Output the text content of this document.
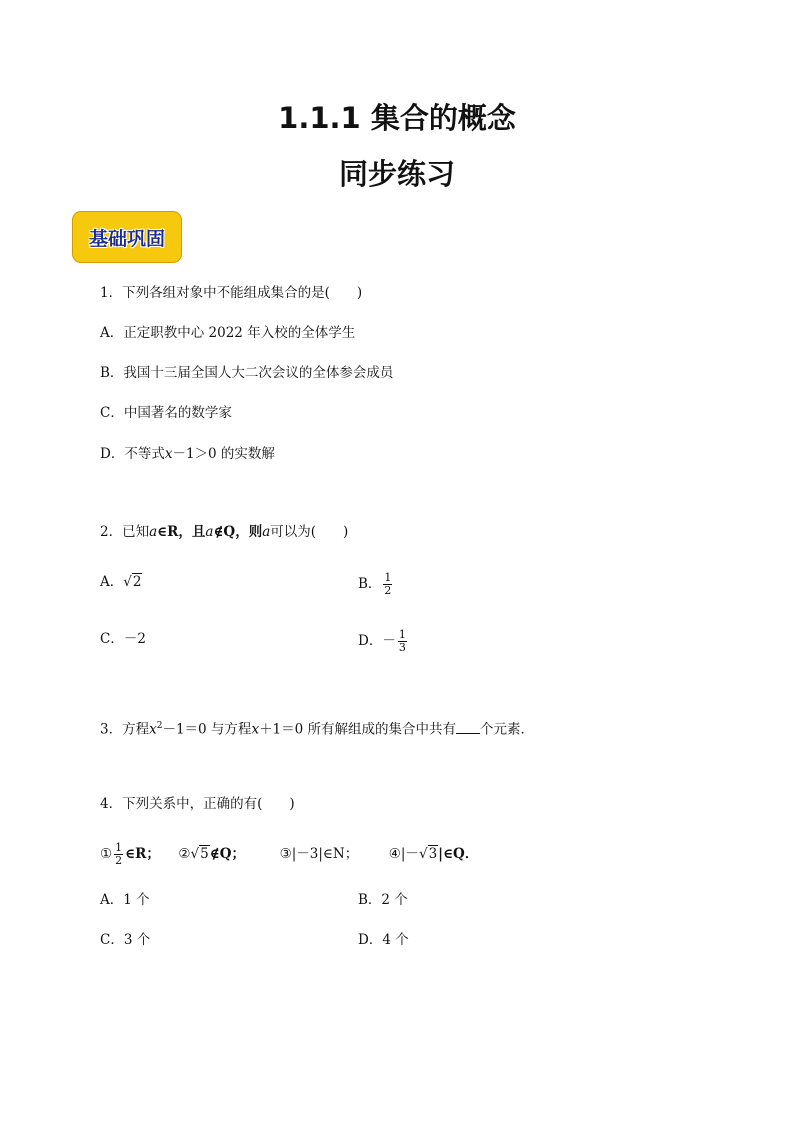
1.1.1 集合的概念
同步练习
基础巩固
1．下列各组对象中不能组成集合的是(　　)
A．正定职教中心 2022 年入校的全体学生
B．我国十三届全国人大二次会议的全体参会成员
C．中国著名的数学家
D．不等式x－1＞0 的实数解
2．已知a∈R，且a∉Q，则a可以为(　　)
A．√2	B． $\frac{1}{2}$
C．－2	D．－ $\frac{1}{3}$
3．方程$x^2-1=0$ 与方程x＋1＝0 所有解组成的集合中共有 个元素．
4．下列关系中，正确的有(　　)
① $\frac{1}{2}$ ∈R； ②√5∉Q；	③|－3|∈N； ④|－√3|∈Q．
A．1 个	B．2 个
C．3 个	D．4 个
